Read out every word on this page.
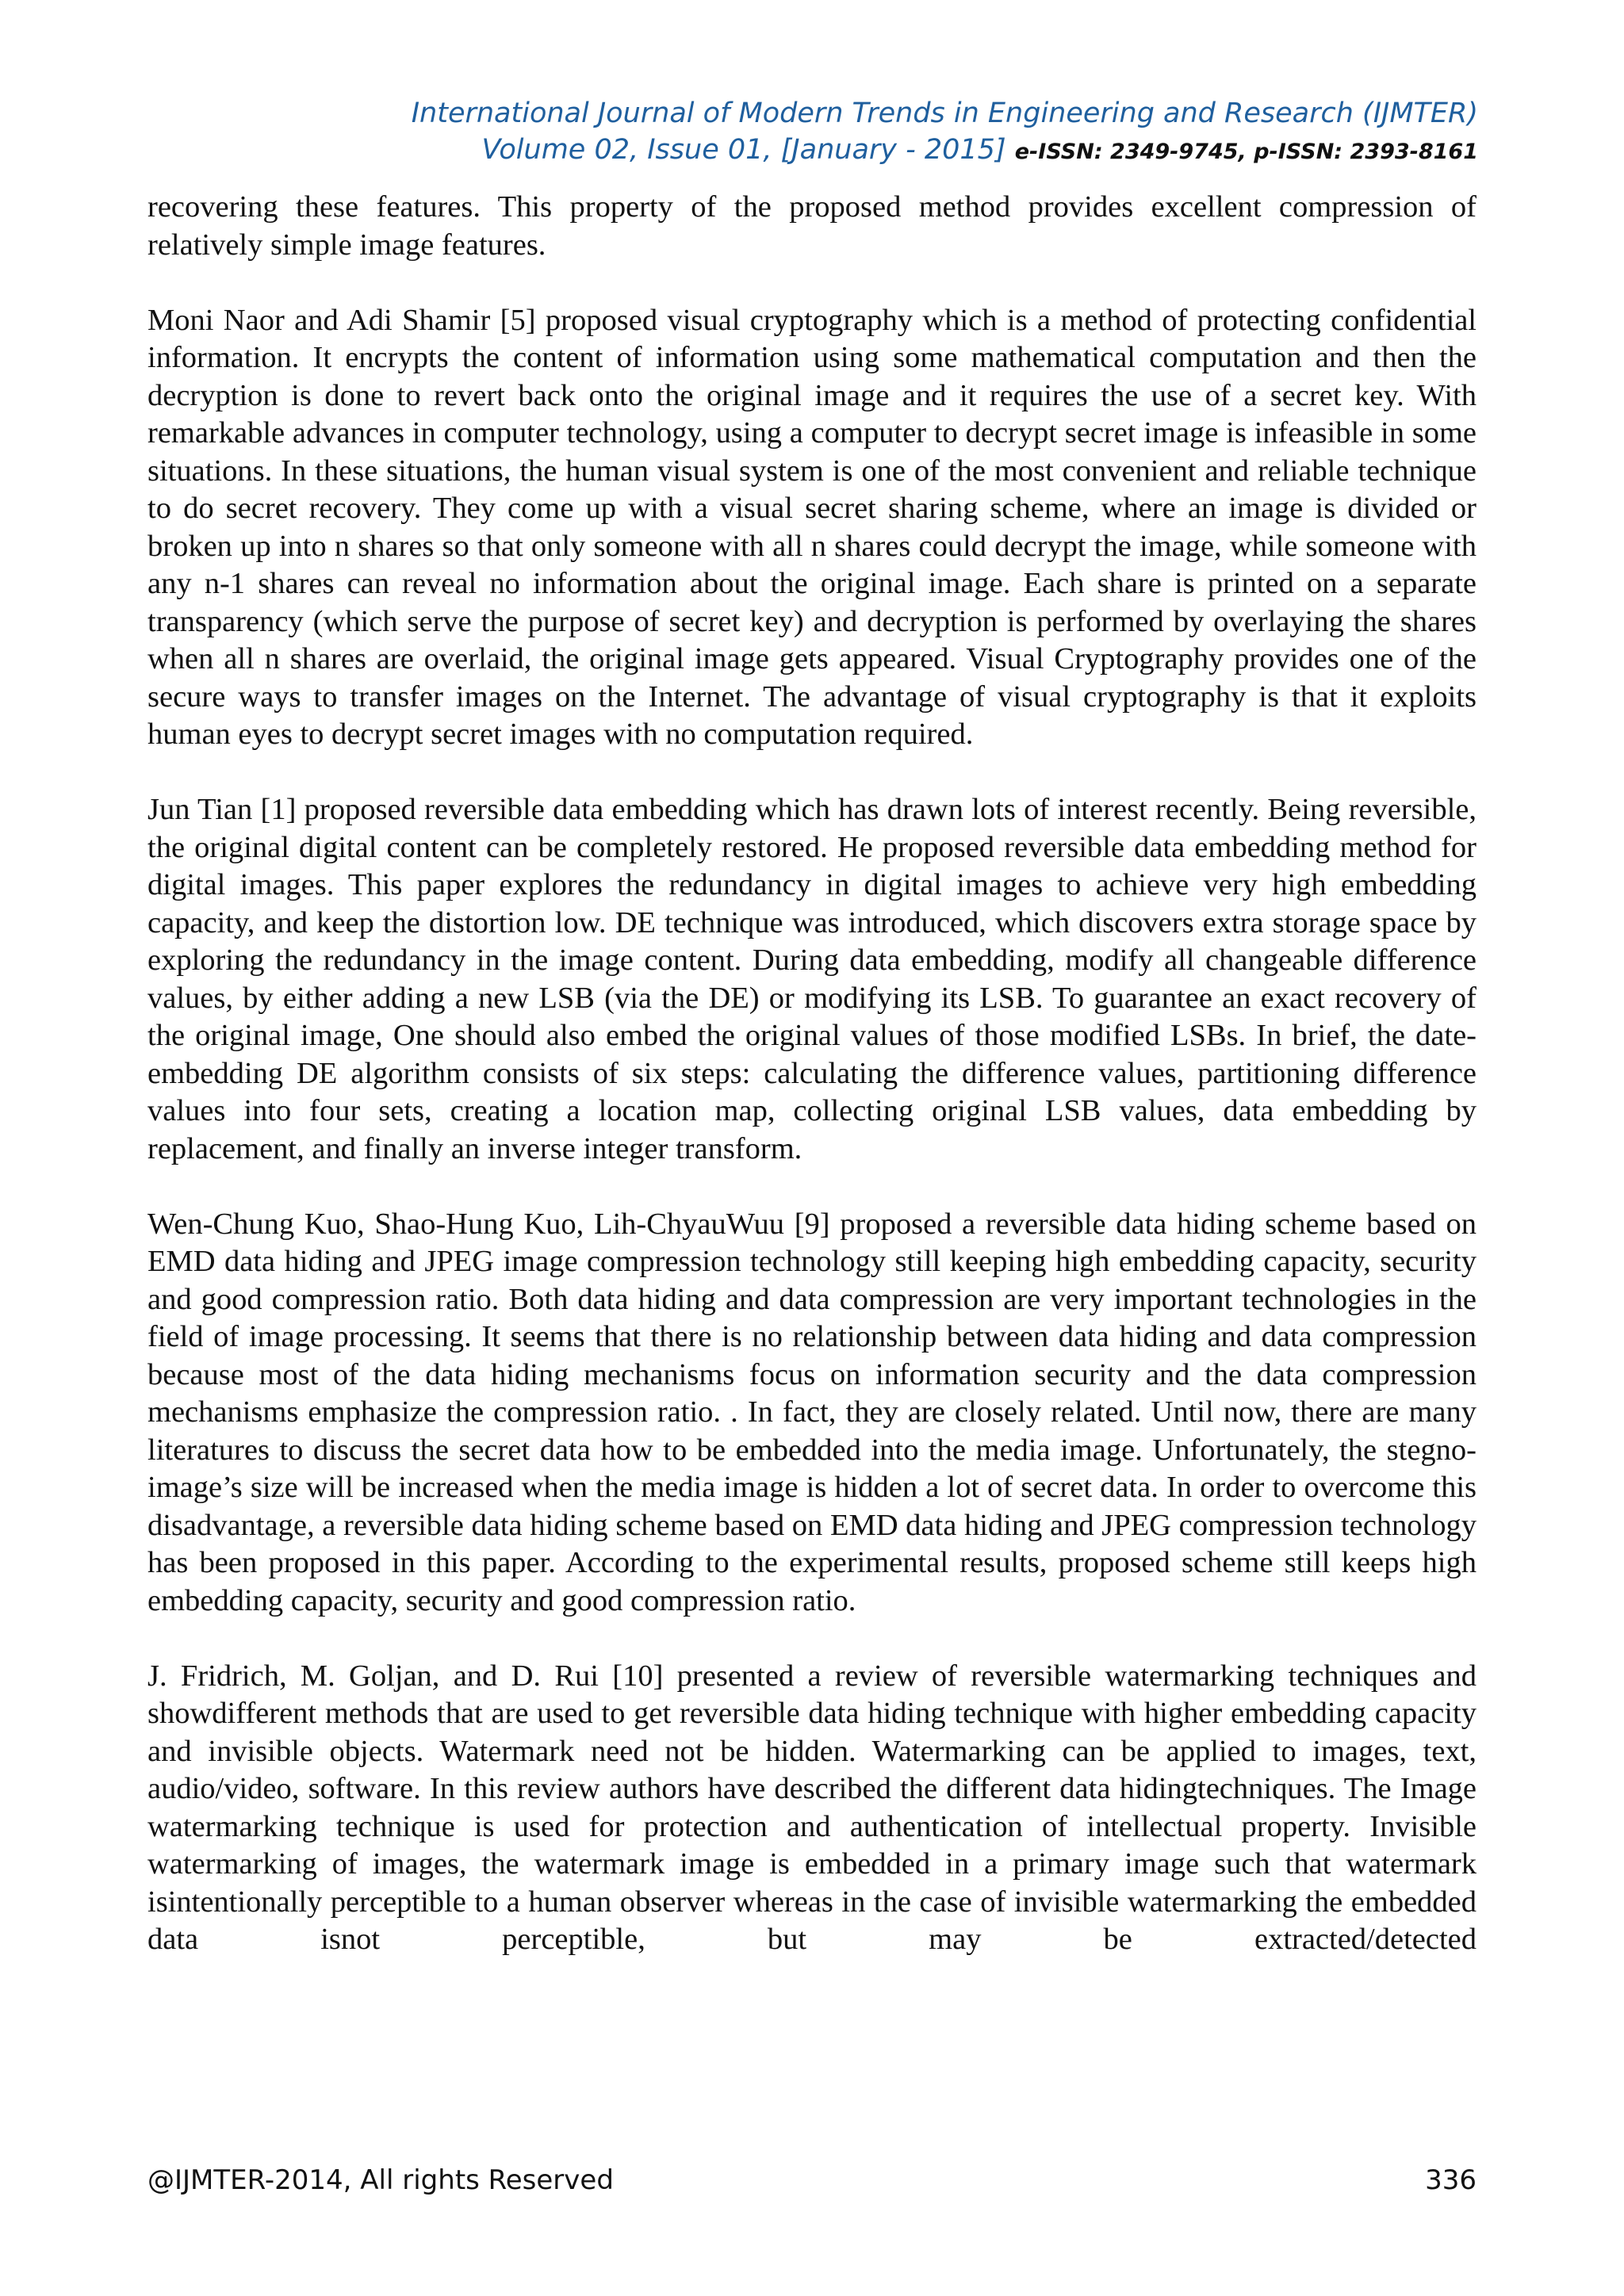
International Journal of Modern Trends in Engineering and Research (IJMTER)
Volume 02, Issue 01, [January - 2015] e-ISSN: 2349-9745, p-ISSN: 2393-8161

recovering these features. This property of the proposed method provides excellent compression of relatively simple image features.

Moni Naor and Adi Shamir [5] proposed visual cryptography which is a method of protecting confidential information. It encrypts the content of information using some mathematical computation and then the decryption is done to revert back onto the original image and it requires the use of a secret key. With remarkable advances in computer technology, using a computer to decrypt secret image is infeasible in some situations. In these situations, the human visual system is one of the most convenient and reliable technique to do secret recovery. They come up with a visual secret sharing scheme, where an image is divided or broken up into n shares so that only someone with all n shares could decrypt the image, while someone with any n-1 shares can reveal no information about the original image. Each share is printed on a separate transparency (which serve the purpose of secret key) and decryption is performed by overlaying the shares when all n shares are overlaid, the original image gets appeared. Visual Cryptography provides one of the secure ways to transfer images on the Internet. The advantage of visual cryptography is that it exploits human eyes to decrypt secret images with no computation required.

Jun Tian [1] proposed reversible data embedding which has drawn lots of interest recently. Being reversible, the original digital content can be completely restored. He proposed reversible data embedding method for digital images. This paper explores the redundancy in digital images to achieve very high embedding capacity, and keep the distortion low. DE technique was introduced, which discovers extra storage space by exploring the redundancy in the image content. During data embedding, modify all changeable difference values, by either adding a new LSB (via the DE) or modifying its LSB. To guarantee an exact recovery of the original image, One should also embed the original values of those modified LSBs. In brief, the date-embedding DE algorithm consists of six steps: calculating the difference values, partitioning difference values into four sets, creating a location map, collecting original LSB values, data embedding by replacement, and finally an inverse integer transform.

Wen-Chung Kuo, Shao-Hung Kuo, Lih-ChyauWuu [9] proposed a reversible data hiding scheme based on EMD data hiding and JPEG image compression technology still keeping high embedding capacity, security and good compression ratio. Both data hiding and data compression are very important technologies in the field of image processing. It seems that there is no relationship between data hiding and data compression because most of the data hiding mechanisms focus on information security and the data compression mechanisms emphasize the compression ratio. . In fact, they are closely related. Until now, there are many literatures to discuss the secret data how to be embedded into the media image. Unfortunately, the stegno-image’s size will be increased when the media image is hidden a lot of secret data. In order to overcome this disadvantage, a reversible data hiding scheme based on EMD data hiding and JPEG compression technology has been proposed in this paper. According to the experimental results, proposed scheme still keeps high embedding capacity, security and good compression ratio.

J. Fridrich, M. Goljan, and D. Rui [10] presented a review of reversible watermarking techniques and showdifferent methods that are used to get reversible data hiding technique with higher embedding capacity and invisible objects. Watermark need not be hidden. Watermarking can be applied to images, text, audio/video, software. In this review authors have described the different data hidingtechniques. The Image watermarking technique is used for protection and authentication of intellectual property. Invisible watermarking of images, the watermark image is embedded in a primary image such that watermark isintentionally perceptible to a human observer whereas in the case of invisible watermarking the embedded data isnot perceptible, but may be extracted/detected

@IJMTER-2014, All rights Reserved	336
